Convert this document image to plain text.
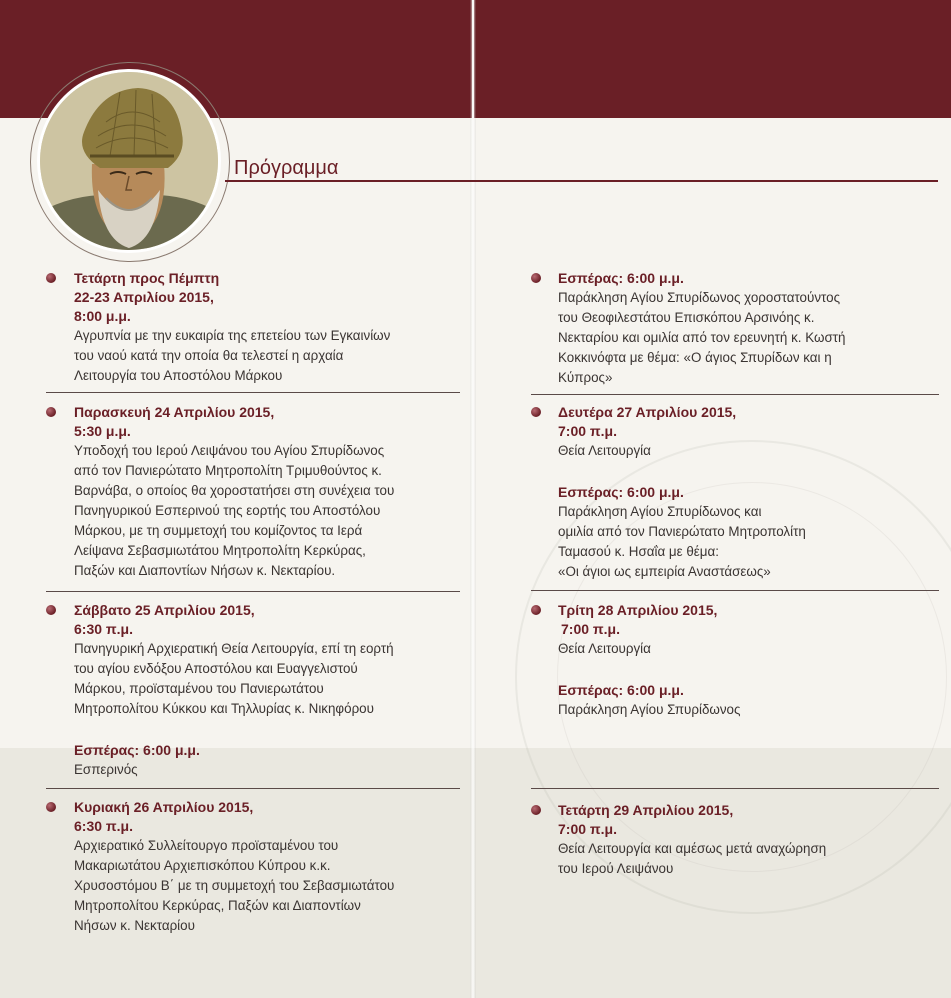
Πρόγραμμα

Τετάρτη προς Πέμπτη

22-23 Απριλίου 2015,

8:00 μ.μ.

Αγρυπνία με την ευκαιρία της επετείου των Εγκαινίων

του ναού κατά την οποία θα τελεστεί η αρχαία

Λειτουργία του Αποστόλου Μάρκου

Παρασκευή 24 Απριλίου 2015,

5:30 μ.μ.

Υποδοχή του Ιερού Λειψάνου του Αγίου Σπυρίδωνος

από τον Πανιερώτατο Μητροπολίτη Τριμυθούντος κ.

Βαρνάβα, ο οποίος θα χοροστατήσει στη συνέχεια του

Πανηγυρικού Εσπερινού της εορτής του Αποστόλου

Μάρκου, με τη συμμετοχή του κομίζοντος τα Ιερά

Λείψανα Σεβασμιωτάτου Μητροπολίτη Κερκύρας,

Παξών και Διαποντίων Νήσων κ. Νεκταρίου.

Σάββατο 25 Απριλίου 2015,

6:30 π.μ.

Πανηγυρική Αρχιερατική Θεία Λειτουργία, επί τη εορτή

του αγίου ενδόξου Αποστόλου και Ευαγγελιστού

Μάρκου, προϊσταμένου του Πανιερωτάτου

Μητροπολίτου Κύκκου και Τηλλυρίας κ. Νικηφόρου

Εσπέρας: 6:00 μ.μ.

Εσπερινός

Κυριακή 26 Απριλίου 2015,

6:30 π.μ.

Αρχιερατικό Συλλείτουργο προϊσταμένου του

Μακαριωτάτου Αρχιεπισκόπου Κύπρου κ.κ.

Χρυσοστόμου Β΄ με τη συμμετοχή του Σεβασμιωτάτου

Μητροπολίτου Κερκύρας, Παξών και Διαποντίων

Νήσων κ. Νεκταρίου

Εσπέρας: 6:00 μ.μ.

Παράκληση Αγίου Σπυρίδωνος χοροστατούντος

του Θεοφιλεστάτου Επισκόπου Αρσινόης κ.

Νεκταρίου και ομιλία από τον ερευνητή κ. Κωστή

Κοκκινόφτα με θέμα: «Ο άγιος Σπυρίδων και η

Κύπρος»

Δευτέρα 27 Απριλίου 2015,

7:00 π.μ.

Θεία Λειτουργία

Εσπέρας: 6:00 μ.μ.

Παράκληση Αγίου Σπυρίδωνος και

ομιλία από τον Πανιερώτατο Μητροπολίτη

Ταμασού κ. Ησαΐα με θέμα:

«Οι άγιοι ως εμπειρία Αναστάσεως»

Τρίτη 28 Απριλίου 2015,

7:00 π.μ.

Θεία Λειτουργία

Εσπέρας: 6:00 μ.μ.

Παράκληση Αγίου Σπυρίδωνος

Τετάρτη 29 Απριλίου 2015,

7:00 π.μ.

Θεία Λειτουργία και αμέσως μετά αναχώρηση

του Ιερού Λειψάνου
